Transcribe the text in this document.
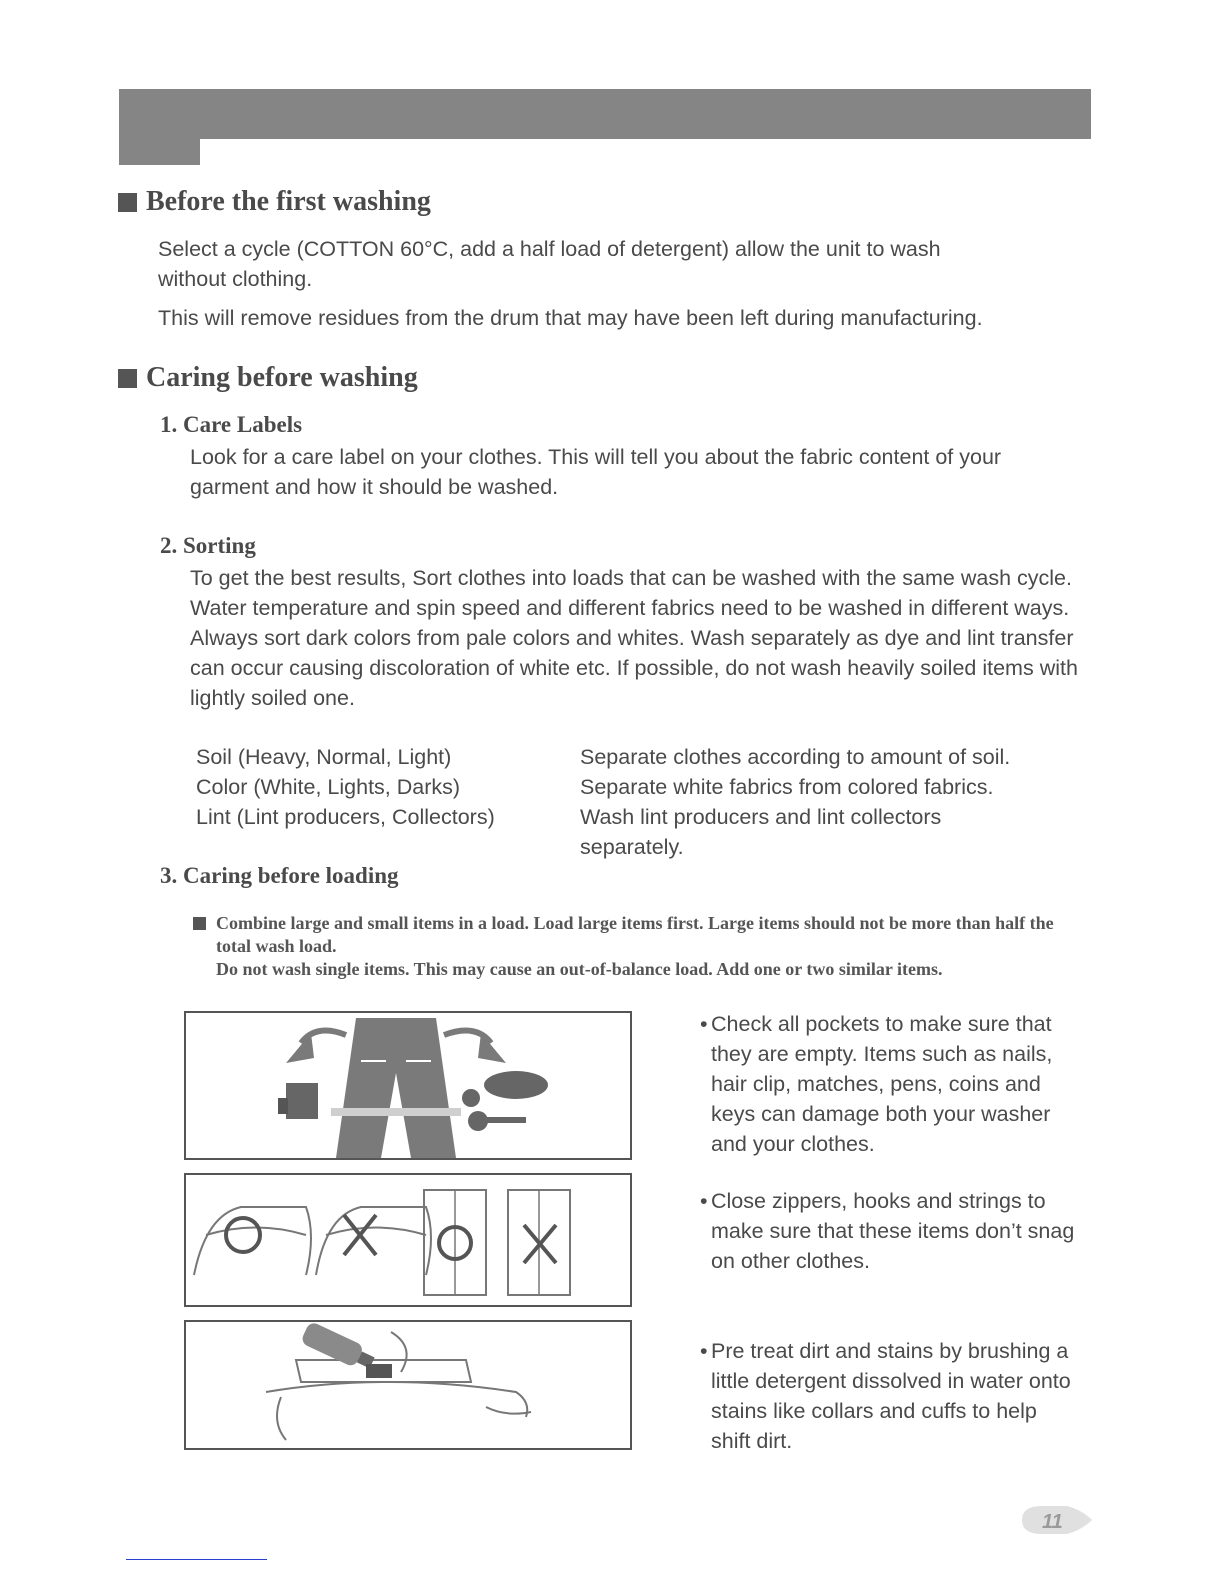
Before the first washing

Select a cycle (COTTON 60°C, add a half load of detergent) allow the unit to wash without clothing.

This will remove residues from the drum that may have been left during manufacturing.

Caring before washing
1. Care Labels

Look for a care label on your clothes. This will tell you about the fabric content of your garment and how it should be washed.

2. Sorting

To get the best results, Sort clothes into loads that can be washed with the same wash cycle. Water temperature and spin speed and different fabrics need to be washed in different ways. Always sort dark colors from pale colors and whites. Wash separately as dye and lint transfer can occur causing discoloration of white etc. If possible, do not wash heavily soiled items with lightly soiled one.

Soil (Heavy, Normal, Light)
Color (White, Lights, Darks)
Lint (Lint producers, Collectors)
Separate clothes according to amount of soil.
Separate white fabrics from colored fabrics.
Wash lint producers and lint collectors separately.
3. Caring before loading

Combine large and small items in a load. Load large items first. Large items should not be more than half the total wash load.

Do not wash single items. This may cause an out-of-balance load. Add one or two similar items.

• Check all pockets to make sure that they are empty. Items such as nails, hair clip, matches, pens, coins and keys can damage both your washer and your clothes.
• Close zippers, hooks and strings to make sure that these items don’t snag on other clothes.
• Pre treat dirt and stains by brushing a little detergent dissolved in water onto stains like collars and cuffs to help shift dirt.
11
